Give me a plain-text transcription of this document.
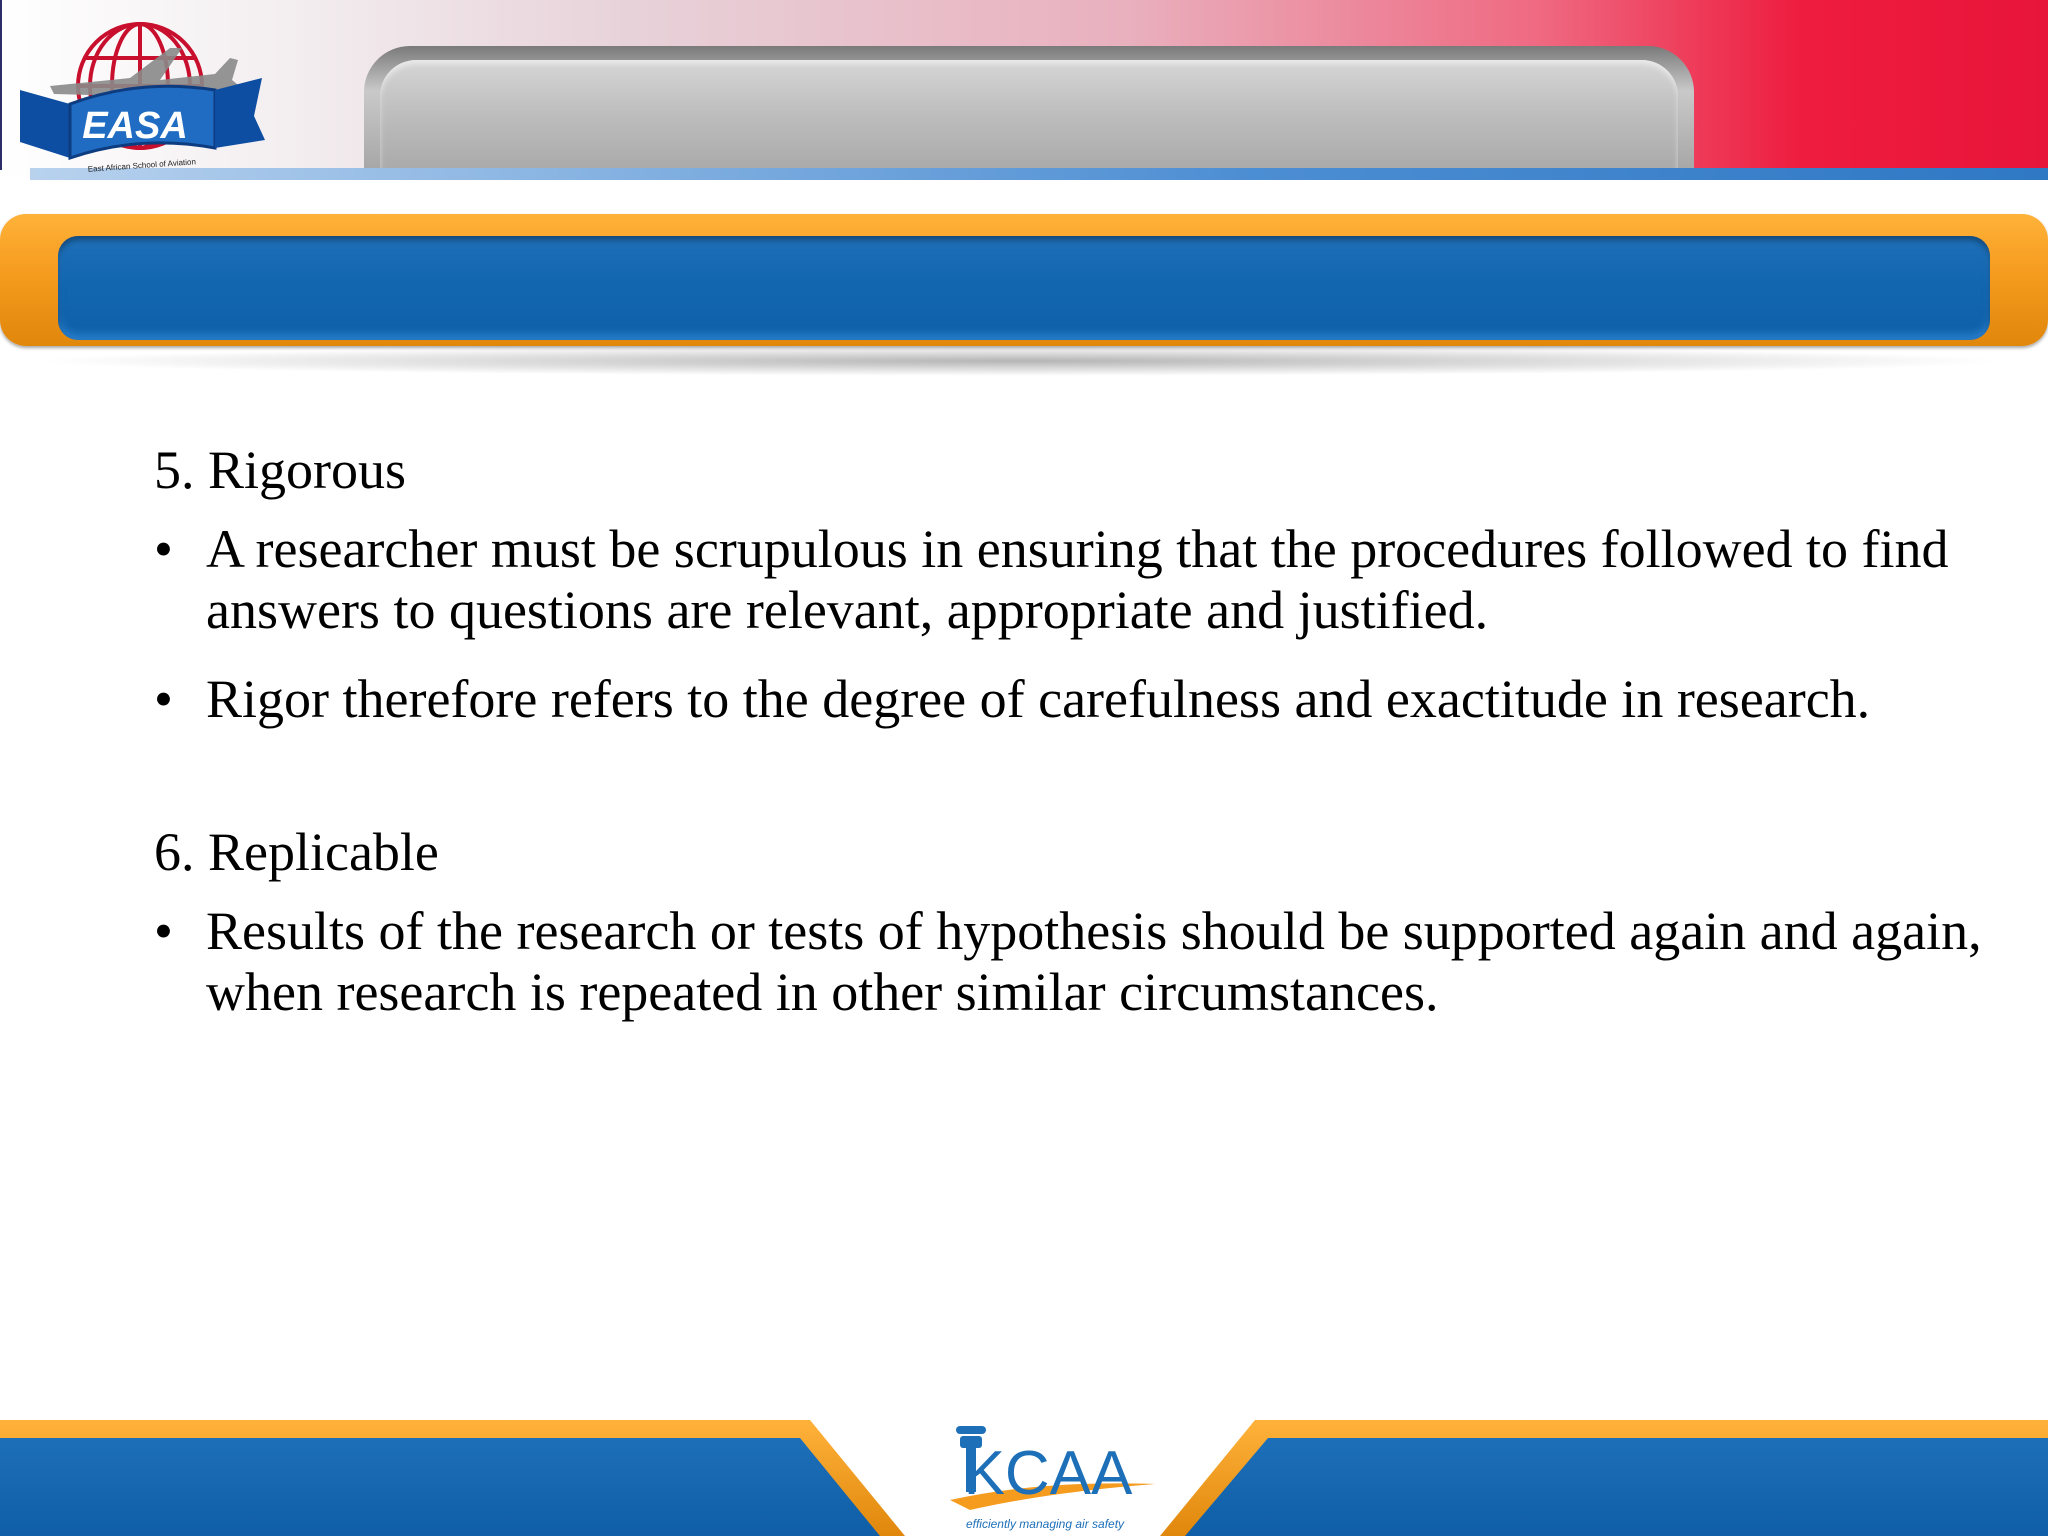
EASA
East African School of Aviation

5. Rigorous

• A researcher must be scrupulous in ensuring that the procedures followed to find answers to questions are relevant, appropriate and justified.
• Rigor therefore refers to the degree of carefulness and exactitude in research.

6. Replicable

• Results of the research or tests of hypothesis should be supported again and again, when research is repeated in other similar circumstances.
KCAA
efficiently managing air safety
